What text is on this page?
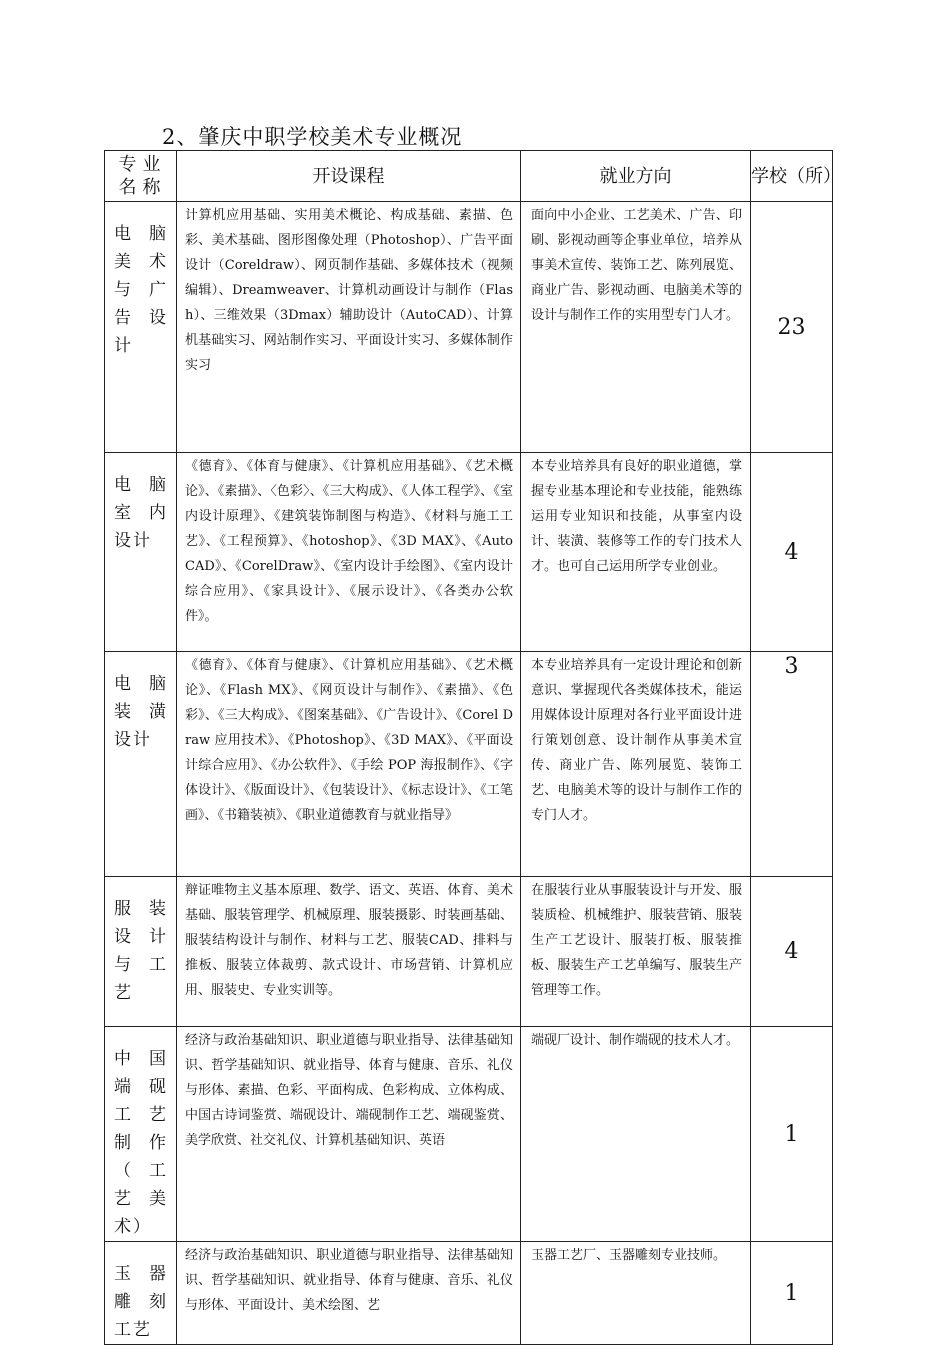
2、肇庆中职学校美术专业概况
专业名称	开设课程	就业方向	学校（所）

电脑美术与广告设计	计算机应用基础、实用美术概论、构成基础、素描、色彩、美术基础、图形图像处理（Photoshop）、广告平面设计（Coreldraw）、网页制作基础、多媒体技术（视频编辑）、Dreamweaver、计算机动画设计与制作（Flash）、三维效果（3Dmax）辅助设计（AutoCAD）、计算机基础实习、网站制作实习、平面设计实习、多媒体制作实习	面向中小企业、工艺美术、广告、印刷、影视动画等企事业单位，培养从事美术宣传、装饰工艺、陈列展览、商业广告、影视动画、电脑美术等的设计与制作工作的实用型专门人才。	23
电脑室内设计	《德育》、《体育与健康》、《计算机应用基础》、《艺术概论》、《素描》、〈色彩〉、《三大构成》、《人体工程学》、《室内设计原理》、《建筑装饰制图与构造》、《材料与施工工艺》、《工程预算》、《hotoshop》、《3D MAX》、《Auto CAD》、《CorelDraw》、《室内设计手绘图》、《室内设计综合应用》、《家具设计》、《展示设计》、《各类办公软件》。	本专业培养具有良好的职业道德，掌握专业基本理论和专业技能，能熟练运用专业知识和技能，从事室内设计、装潢、装修等工作的专门技术人才。也可自己运用所学专业创业。	4
电脑装潢设计	《德育》、《体育与健康》、《计算机应用基础》、《艺术概论》、《Flash MX》、《网页设计与制作》、《素描》、《色彩》、《三大构成》、《图案基础》、《广告设计》、《Corel Draw 应用技术》、《Photoshop》、《3D MAX》、《平面设计综合应用》、《办公软件》、《手绘 POP 海报制作》、《字体设计》、《版面设计》、《包装设计》、《标志设计》、《工笔画》、《书籍装祯》、《职业道德教育与就业指导》	本专业培养具有一定设计理论和创新意识、掌握现代各类媒体技术，能运用媒体设计原理对各行业平面设计进行策划创意、设计制作从事美术宣传、商业广告、陈列展览、装饰工艺、电脑美术等的设计与制作工作的专门人才。	3
服装设计与工艺	辩证唯物主义基本原理、数学、语文、英语、体育、美术基础、服装管理学、机械原理、服装摄影、时装画基础、服装结构设计与制作、材料与工艺、服装CAD、排料与推板、服装立体裁剪、款式设计、市场营销、计算机应用、服装史、专业实训等。	在服装行业从事服装设计与开发、服装质检、机械维护、服装营销、服装生产工艺设计、服装打板、服装推板、服装生产工艺单编写、服装生产管理等工作。	4
中国端砚工艺制作（工艺美术）	经济与政治基础知识、职业道德与职业指导、法律基础知识、哲学基础知识、就业指导、体育与健康、音乐、礼仪与形体、素描、色彩、平面构成、色彩构成、立体构成、中国古诗词鉴赏、端砚设计、端砚制作工艺、端砚鉴赏、美学欣赏、社交礼仪、计算机基础知识、英语	端砚厂设计、制作端砚的技术人才。	1
玉器雕刻工艺	经济与政治基础知识、职业道德与职业指导、法律基础知识、哲学基础知识、就业指导、体育与健康、音乐、礼仪与形体、平面设计、美术绘图、艺	玉器工艺厂、玉器雕刻专业技师。	1
